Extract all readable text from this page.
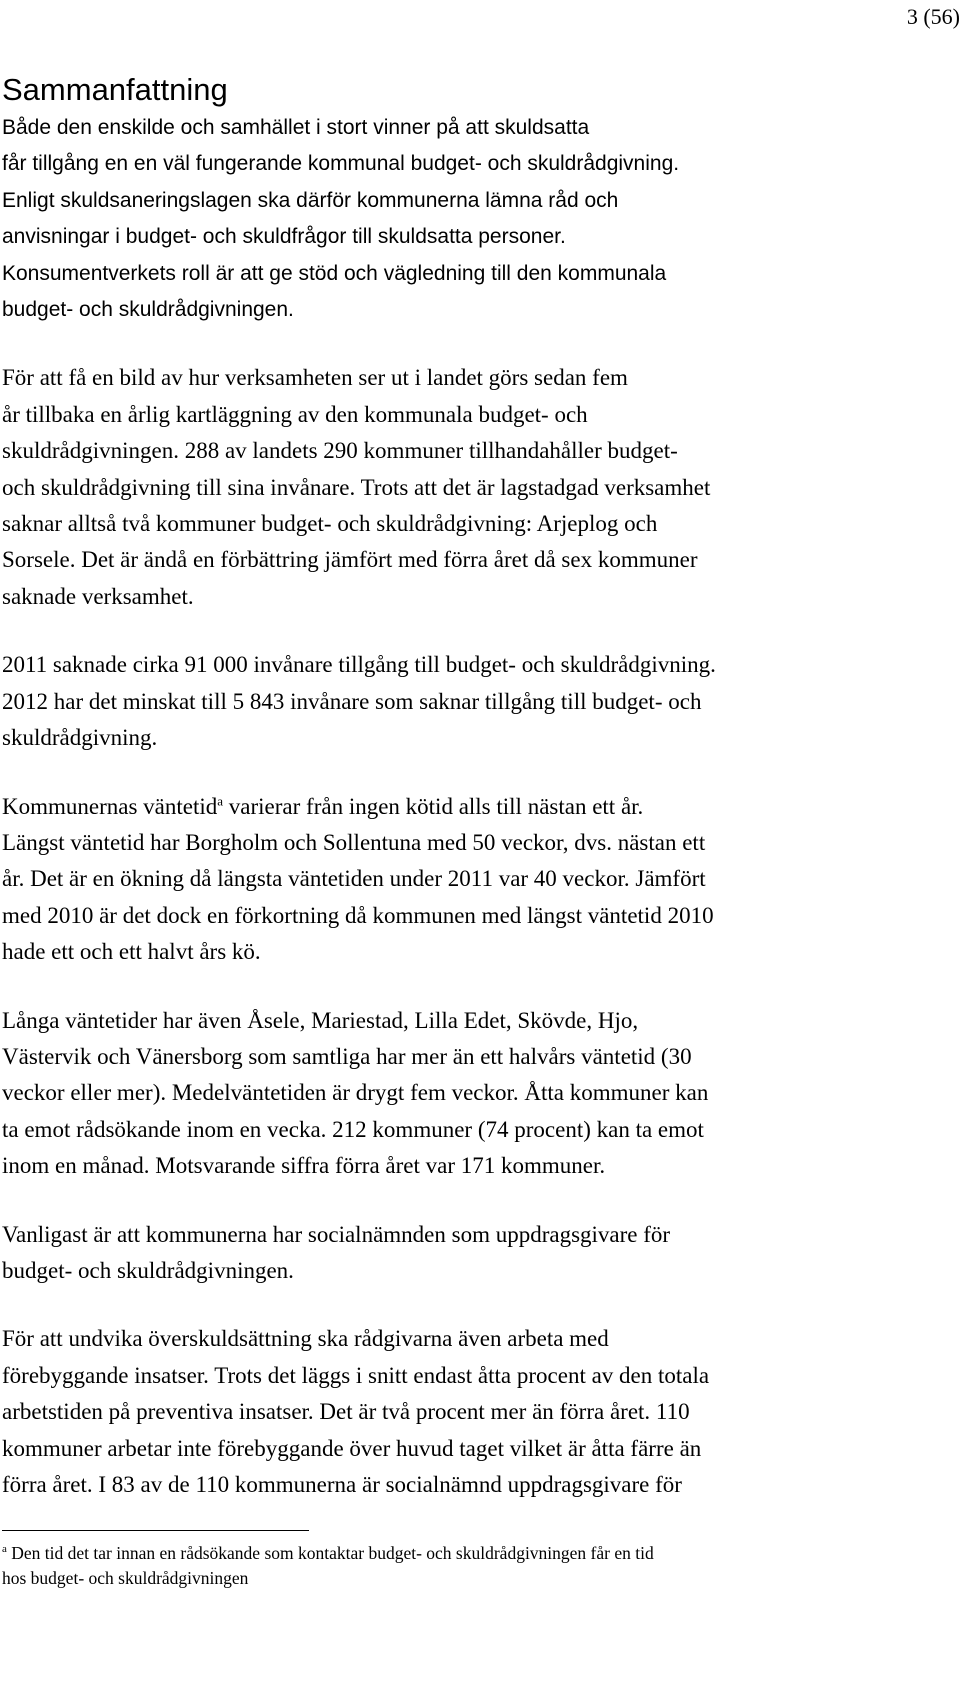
3 (56)
Sammanfattning
Både den enskilde och samhället i stort vinner på att skuldsatta
får tillgång en en väl fungerande kommunal budget- och skuldrådgivning.
Enligt skuldsaneringslagen ska därför kommunerna lämna råd och
anvisningar i budget- och skuldfrågor till skuldsatta personer.
Konsumentverkets roll är att ge stöd och vägledning till den kommunala
budget- och skuldrådgivningen.
För att få en bild av hur verksamheten ser ut i landet görs sedan fem
år tillbaka en årlig kartläggning av den kommunala budget- och
skuldrådgivningen. 288 av landets 290 kommuner tillhandahåller budget-
och skuldrådgivning till sina invånare. Trots att det är lagstadgad verksamhet
saknar alltså två kommuner budget- och skuldrådgivning: Arjeplog och
Sorsele. Det är ändå en förbättring jämfört med förra året då sex kommuner
saknade verksamhet.
2011 saknade cirka 91 000 invånare tillgång till budget- och skuldrådgivning.
2012 har det minskat till 5 843 invånare som saknar tillgång till budget- och
skuldrådgivning.
Kommunernas väntetid$^a$ varierar från ingen kötid alls till nästan ett år.
Längst väntetid har Borgholm och Sollentuna med 50 veckor, dvs. nästan ett
år. Det är en ökning då längsta väntetiden under 2011 var 40 veckor. Jämfört
med 2010 är det dock en förkortning då kommunen med längst väntetid 2010
hade ett och ett halvt års kö.
Långa väntetider har även Åsele, Mariestad, Lilla Edet, Skövde, Hjo,
Västervik och Vänersborg som samtliga har mer än ett halvårs väntetid (30
veckor eller mer). Medelväntetiden är drygt fem veckor. Åtta kommuner kan
ta emot rådsökande inom en vecka. 212 kommuner (74 procent) kan ta emot
inom en månad. Motsvarande siffra förra året var 171 kommuner.
Vanligast är att kommunerna har socialnämnden som uppdragsgivare för
budget- och skuldrådgivningen.
För att undvika överskuldsättning ska rådgivarna även arbeta med
förebyggande insatser. Trots det läggs i snitt endast åtta procent av den totala
arbetstiden på preventiva insatser. Det är två procent mer än förra året. 110
kommuner arbetar inte förebyggande över huvud taget vilket är åtta färre än
förra året. I 83 av de 110 kommunerna är socialnämnd uppdragsgivare för
$^a$ Den tid det tar innan en rådsökande som kontaktar budget- och skuldrådgivningen får en tid
hos budget- och skuldrådgivningen
